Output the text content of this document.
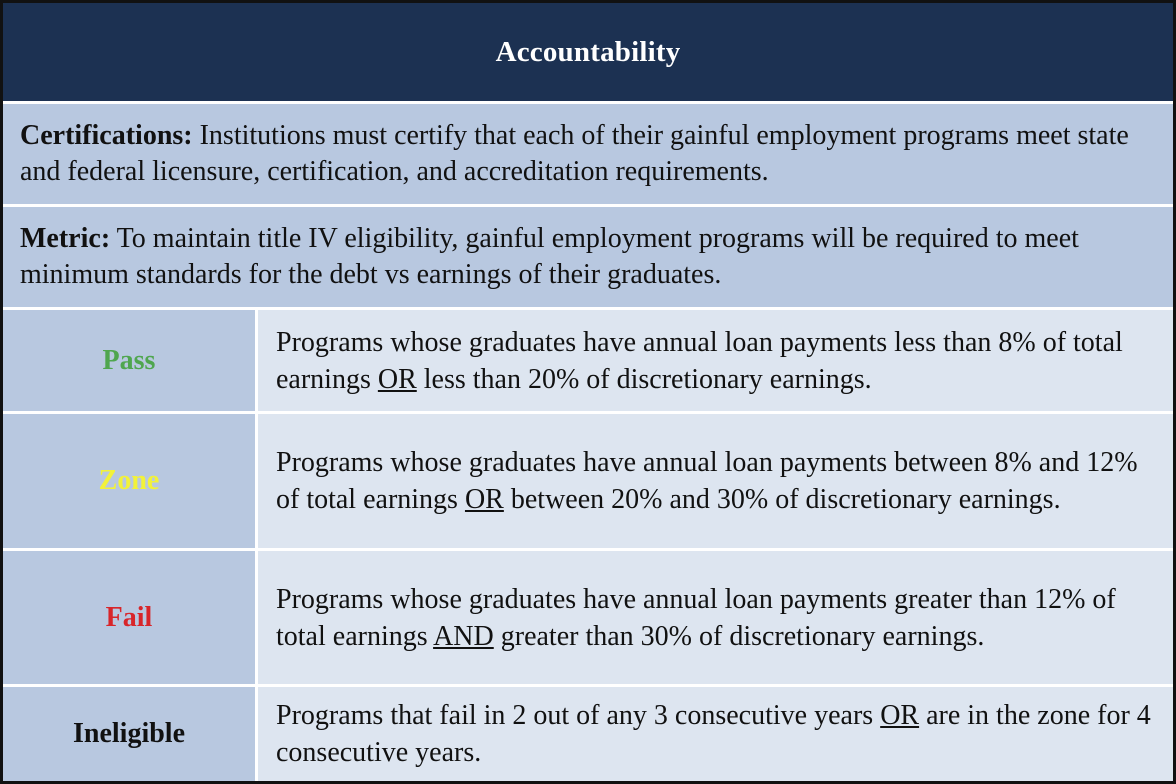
Accountability
Certifications: Institutions must certify that each of their gainful employment programs meet state and federal licensure, certification, and accreditation requirements.
Metric: To maintain title IV eligibility, gainful employment programs will be required to meet minimum standards for the debt vs earnings of their graduates.
Pass
Programs whose graduates have annual loan payments less than 8% of total earnings OR less than 20% of discretionary earnings.
Zone
Programs whose graduates have annual loan payments between 8% and 12% of total earnings OR between 20% and 30% of discretionary earnings.
Fail
Programs whose graduates have annual loan payments greater than 12% of total earnings AND greater than 30% of discretionary earnings.
Ineligible
Programs that fail in 2 out of any 3 consecutive years OR are in the zone for 4 consecutive years.
